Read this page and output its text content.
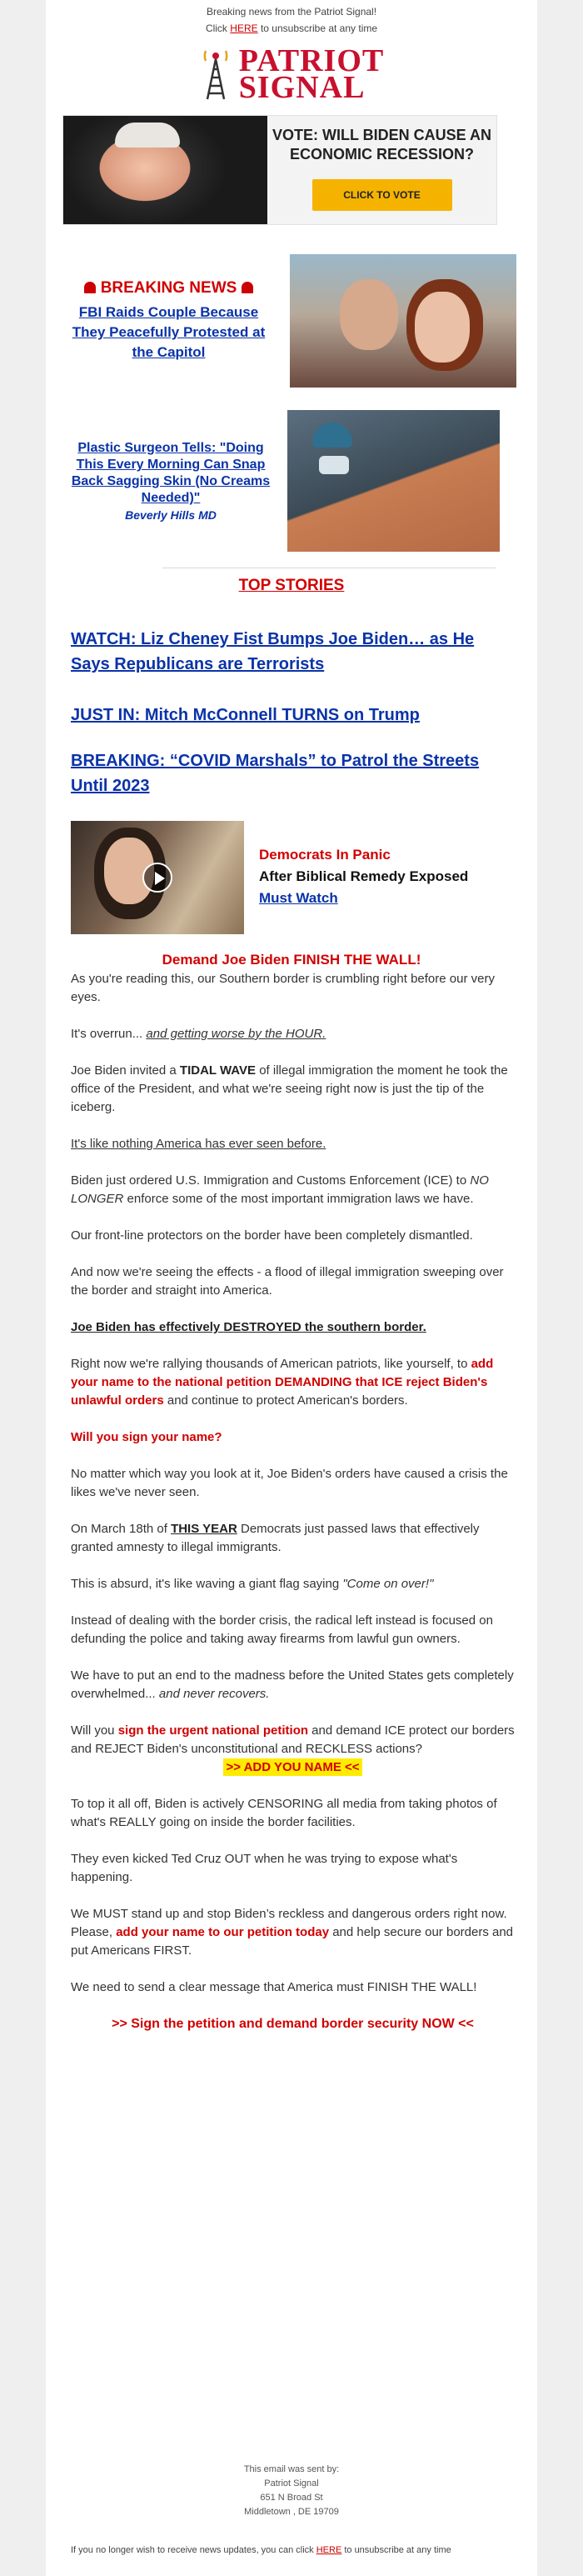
Breaking news from the Patriot Signal!
Click HERE to unsubscribe at any time
PATRIOT
SIGNAL
VOTE: WILL BIDEN CAUSE AN ECONOMIC RECESSION?
CLICK TO VOTE
BREAKING NEWS
FBI Raids Couple Because They Peacefully Protested at the Capitol
Plastic Surgeon Tells: "Doing This Every Morning Can Snap Back Sagging Skin (No Creams Needed)"
Beverly Hills MD
TOP STORIES
WATCH: Liz Cheney Fist Bumps Joe Biden… as He Says Republicans are Terrorists
JUST IN: Mitch McConnell TURNS on Trump
BREAKING: “COVID Marshals” to Patrol the Streets Until 2023
Democrats In Panic
After Biblical Remedy Exposed
Must Watch
Demand Joe Biden FINISH THE WALL!

As you're reading this, our Southern border is crumbling right before our very eyes.

It's overrun... and getting worse by the HOUR.

Joe Biden invited a TIDAL WAVE of illegal immigration the moment he took the office of the President, and what we're seeing right now is just the tip of the iceberg.

It's like nothing America has ever seen before.

Biden just ordered U.S. Immigration and Customs Enforcement (ICE) to NO LONGER enforce some of the most important immigration laws we have.

Our front-line protectors on the border have been completely dismantled.

And now we're seeing the effects - a flood of illegal immigration sweeping over the border and straight into America.

Joe Biden has effectively DESTROYED the southern border.

Right now we're rallying thousands of American patriots, like yourself, to add your name to the national petition DEMANDING that ICE reject Biden's unlawful orders and continue to protect American's borders.

Will you sign your name?

No matter which way you look at it, Joe Biden's orders have caused a crisis the likes we've never seen.

On March 18th of THIS YEAR Democrats just passed laws that effectively granted amnesty to illegal immigrants.

This is absurd, it's like waving a giant flag saying "Come on over!"

Instead of dealing with the border crisis, the radical left instead is focused on defunding the police and taking away firearms from lawful gun owners.

We have to put an end to the madness before the United States gets completely overwhelmed... and never recovers.

Will you sign the urgent national petition and demand ICE protect our borders and REJECT Biden's unconstitutional and RECKLESS actions?

>> ADD YOU NAME <<

To top it all off, Biden is actively CENSORING all media from taking photos of what's REALLY going on inside the border facilities.

They even kicked Ted Cruz OUT when he was trying to expose what's happening.

We MUST stand up and stop Biden’s reckless and dangerous orders right now. Please, add your name to our petition today and help secure our borders and put Americans FIRST.

We need to send a clear message that America must FINISH THE WALL!

>> Sign the petition and demand border security NOW <<

This email was sent by:
Patriot Signal
651 N Broad St
Middletown , DE 19709
If you no longer wish to receive news updates, you can click HERE to unsubscribe at any time
